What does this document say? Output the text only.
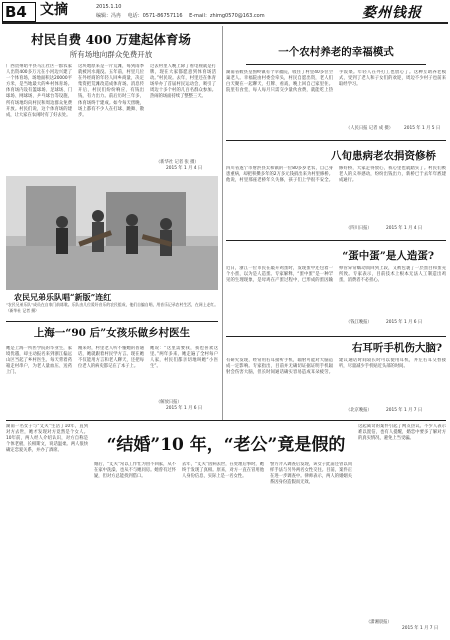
B4 文摘	2015.1.10
编辑：冯冉 　电话：0571-86757116 　E-mail：zhimg0570@163.com	婺州钱报
村民自费 400 万建起体育场
所有场地向群众免费开放
广西贺州昭平县马江社区一群农家人出资400多万元在小河边兴建了一个体育场，场地面积达20000平方米，是当地最大的乡村体育场。体育场内设有篮球场、足球场、门球场、网球场、乒乓球台等设施，所有场地均向村民和周边群众免费开放。村民们说，这个体育场的建成，让大家在农闲时有了好去处。
这块地原来是一片荒滩，每到雨季就被河水淹没。五年前，村里几位在外经商的年轻人回乡商量，决定集资把荒滩改造成体育场。消息传开后，村民们纷纷响应，有钱出钱，有力出力。前后历时三年多，体育场终于建成。如今每天傍晚，场上都有不少人在打球、跳舞、散步。
过去村里人晚上除了看电视就是打牌，现在大家都愿意到体育场活动。”村民说。去年，村里还在体育场举办了首届村民运动会，吸引了周边十多个村的几百名群众参加。热闹的场面持续了整整三天。
（新华社 记者 张 摄）
2015 年 1 月 4 日
农民兄弟乐队唱“新版”连红
“农民兄弟乐队”成员在自家门前练歌。乐队由几位爱好音乐的农民组成，他们自编自唱，用音乐记录农村生活，在网上走红。（新华社 记者 摄）
上海一“90 后”女孩乐做乡村医生
她是上海一所医学院的毕业生，家境优越，却主动报名来到浙江偏远山区当起了乡村医生。每天背着药箱走村串户，为老人量血压、送药上门。
刚来时，村里老人听不懂她的普通话，她就跟着村民学方言。现在她不仅能用方言和老人聊天，还把每位老人的病史都记在了本子上。
她说：“这里需要我，我也喜欢这里。”两年多来，她走遍了全村每户人家，村民们都亲切地叫她“小医生”。
（解放日报）
2015 年 1 月 6 日
一个农村养老的幸福模式
湖南省攸县皇图岭镇有个幸福院，收住了村里40多位空巢老人。幸福院由村委会牵头，村民自愿出资，老人们白天聚在一起聊天、打牌、看戏，晚上回自己家里住。院里有食堂，每人每月只需交少量伙食费，就能吃上热乎饭菜。年轻人在外打工也放心了。这种互助养老模式，受到了老人和子女们的欢迎，周边不少村子也前来取经学习。
（人民日报 记者 成 摄）	2015 年 1 月 5 日
八旬患病老农捐资修桥
四川省遂宁市射洪县太和镇的一位80多岁老农，自己身患重病，却把积攒多年的2万多元钱捐出来为村里修桥。他说，村里那座老桥年久失修，孩子们上学很不安全。修好桥，大家走得放心，我心里也就踏实了。村民们被老人的义举感动，纷纷出钱出力，新桥已于去年年底建成通行。
（四川日报）	2015 年 1 月 4 日
“蛋中蛋”是人造蛋?
近日，浙江一位市民在敲开鸡蛋时，发现蛋中还包着一个小蛋，以为是人造蛋。专家解释，“蛋中蛋”是一种罕见的生理现象，是母鸡在产蛋过程中，已形成的蛋因输卵管异常蠕动而回到上段，又被包裹了一层蛋白和蛋壳所致。专家表示，目前技术上根本无法人工制造出鸡蛋，消费者不必担心。
（钱江晚报）	2015 年 1 月 6 日
右耳听手机伤大脑?
有研究发现，经常用右耳接听手机，辐射可能对大脑造成一定影响。专家指出，目前并无确切证据证明手机辐射会伤害大脑，但长时间通话确实容易造成耳朵疲劳。建议通话时间较长时可以使用耳机，并左右耳交替接听，尽量减少手机贴近头部的时间。
（北京晚报）	2015 年 1 月 7 日
“结婚”10 年，“老公”竟是假的
湖南一名女子与“丈夫”生活了10年，直到对方去世，她才发现对方竟然是个女人。10年前，两人经人介绍认识，对方自称是个体老板，长相斯文，说话温柔。两人很快确定恋爱关系，并办了酒席。
婚后，“丈夫”常以工作忙为由不回家，从不在家中洗澡，也从不与她同房。她曾有过怀疑，但对方总能找到借口。
去年，“丈夫”因病去世，在处理后事时，她终于发现了真相。原来，对方一直在冒用他人身份信息，实际上是一名女性。
警方介入调查后发现，该女子此前还曾以同样手法与另外两名女性交往。目前，案件正在进一步调查中。律师表示，两人的婚姻关系因身份造假而无效。
这起离奇的案件引起了网友热议。不少人表示难以置信，也有人提醒，婚恋中要多了解对方的真实情况，避免上当受骗。
（潇湘晨报）
2015 年 1 月 7 日
